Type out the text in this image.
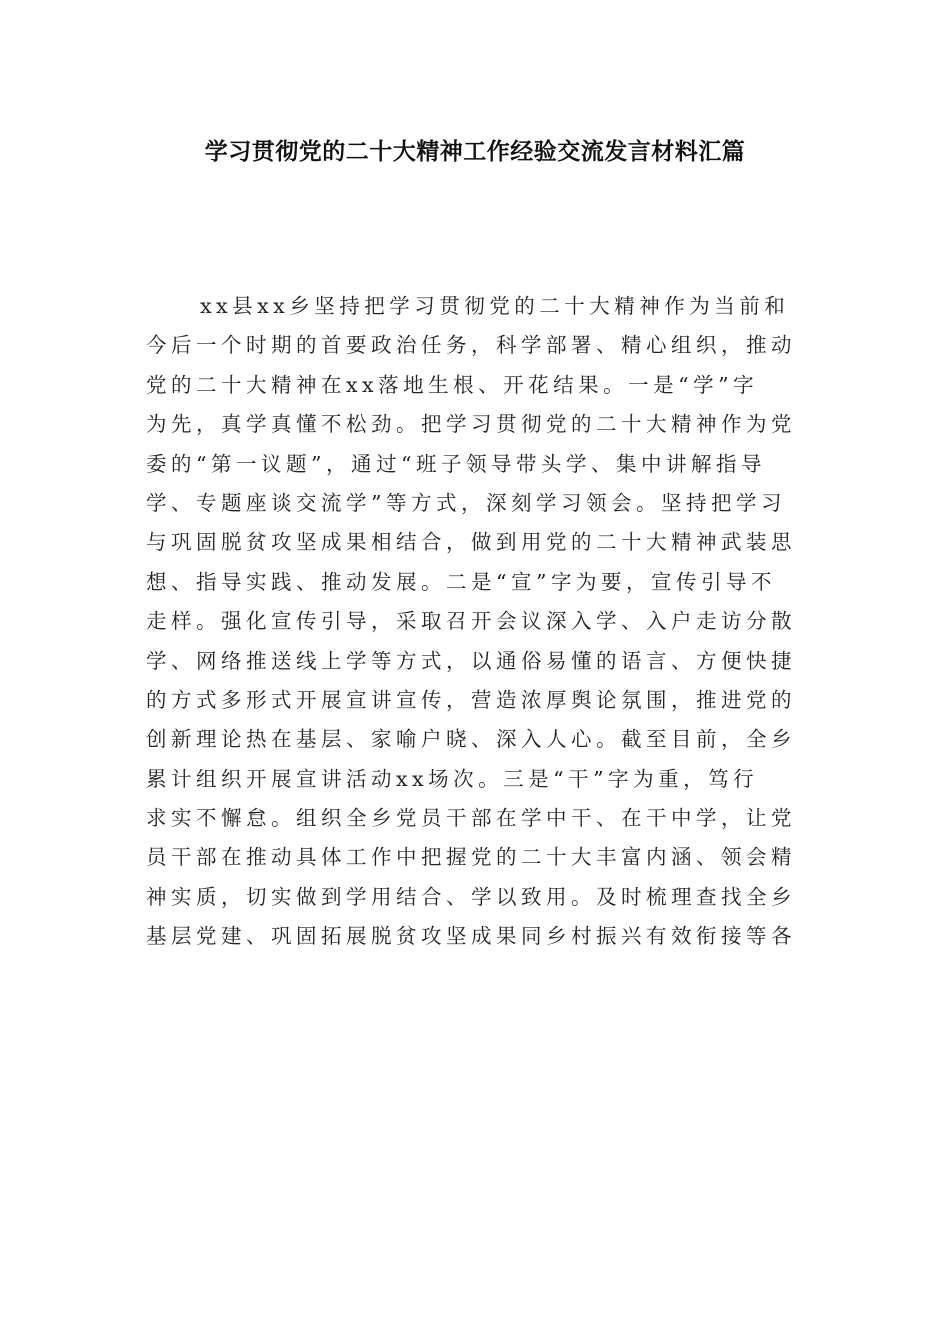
学习贯彻党的二十大精神工作经验交流发言材料汇篇
xx县xx乡坚持把学习贯彻党的二十大精神作为当前和
今后一个时期的首要政治任务，科学部署、精心组织，推动
党的二十大精神在xx落地生根、开花结果。一是“学”字
为先，真学真懂不松劲。把学习贯彻党的二十大精神作为党
委的“第一议题”，通过“班子领导带头学、集中讲解指导
学、专题座谈交流学”等方式，深刻学习领会。坚持把学习
与巩固脱贫攻坚成果相结合，做到用党的二十大精神武装思
想、指导实践、推动发展。二是“宣”字为要，宣传引导不
走样。强化宣传引导，采取召开会议深入学、入户走访分散
学、网络推送线上学等方式，以通俗易懂的语言、方便快捷
的方式多形式开展宣讲宣传，营造浓厚舆论氛围，推进党的
创新理论热在基层、家喻户晓、深入人心。截至目前，全乡
累计组织开展宣讲活动xx场次。三是“干”字为重，笃行
求实不懈怠。组织全乡党员干部在学中干、在干中学，让党
员干部在推动具体工作中把握党的二十大丰富内涵、领会精
神实质，切实做到学用结合、学以致用。及时梳理查找全乡
基层党建、巩固拓展脱贫攻坚成果同乡村振兴有效衔接等各
